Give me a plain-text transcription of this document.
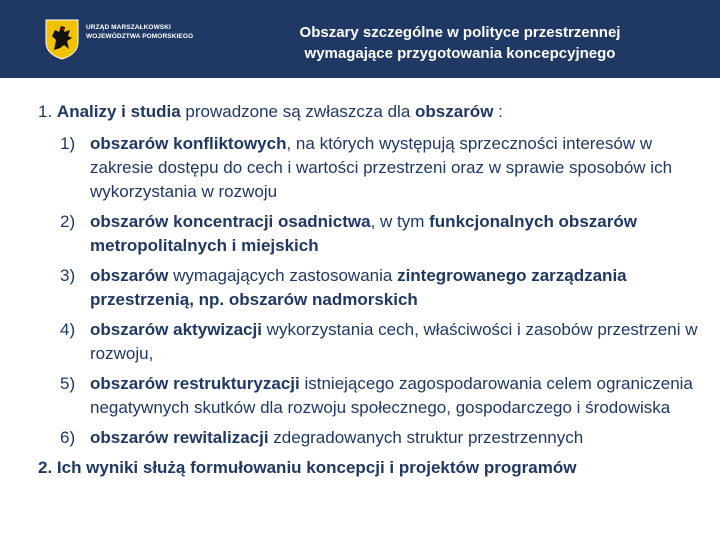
URZĄD MARSZAŁKOWSKI
WOJEWÓDZTWA POMORSKIEGO	Obszary szczególne w polityce przestrzennej
wymagające przygotowania koncepcyjnego

1. Analizy i studia prowadzone są zwłaszcza dla obszarów :

1) obszarów konfliktowych, na których występują sprzeczności interesów w zakresie dostępu do cech i wartości przestrzeni oraz w sprawie sposobów ich wykorzystania w rozwoju
2) obszarów koncentracji osadnictwa, w tym funkcjonalnych obszarów metropolitalnych i miejskich
3) obszarów wymagających zastosowania zintegrowanego zarządzania przestrzenią, np. obszarów nadmorskich
4) obszarów aktywizacji wykorzystania cech, właściwości i zasobów przestrzeni w rozwoju,
5) obszarów restrukturyzacji istniejącego zagospodarowania celem ograniczenia negatywnych skutków dla rozwoju społecznego, gospodarczego i środowiska
6) obszarów rewitalizacji zdegradowanych struktur przestrzennych

2. Ich wyniki służą formułowaniu koncepcji i projektów programów
